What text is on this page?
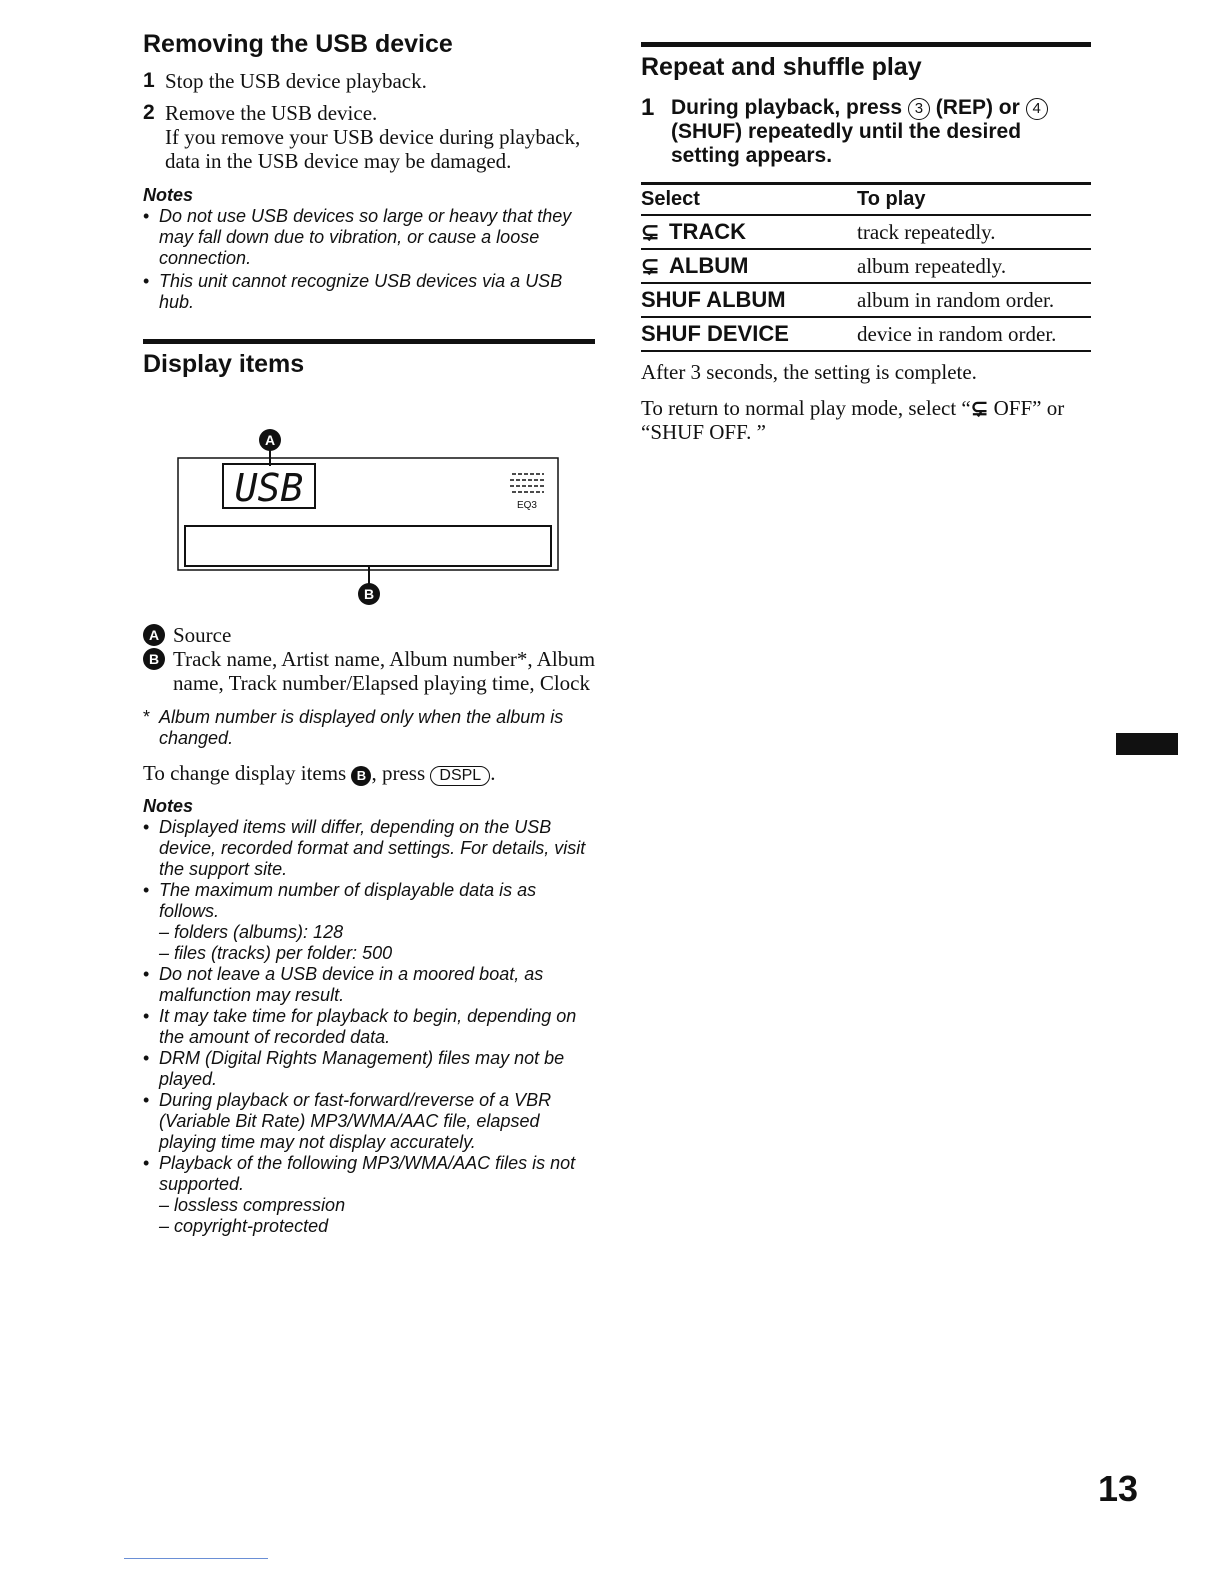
Removing the USB device
1 Stop the USB device playback.
2 Remove the USB device.
If you remove your USB device during playback, data in the USB device may be damaged.

Notes

• Do not use USB devices so large or heavy that they may fall down due to vibration, or cause a loose connection.
• This unit cannot recognize USB devices via a USB hub.
Display items
A
USB	EQ3
B
A Source
B Track name, Artist name, Album number*, Album name, Track number/Elapsed playing time, Clock
* Album number is displayed only when the album is changed.

To change display items B , press DSPL .

Notes

• Displayed items will differ, depending on the USB device, recorded format and settings. For details, visit the support site.
• The maximum number of displayable data is as follows.
– folders (albums): 128
– files (tracks) per folder: 500
• Do not leave a USB device in a moored boat, as malfunction may result.
• It may take time for playback to begin, depending on the amount of recorded data.
• DRM (Digital Rights Management) files may not be played.
• During playback or fast-forward/reverse of a VBR (Variable Bit Rate) MP3/WMA/AAC file, elapsed playing time may not display accurately.
• Playback of the following MP3/WMA/AAC files is not supported.
– lossless compression
– copyright-protected
Repeat and shuffle play
1 During playback, press 3 (REP) or 4 (SHUF) repeatedly until the desired setting appears.
Select	To play
⊊ TRACK	track repeatedly.
⊊ ALBUM	album repeatedly.
SHUF ALBUM	album in random order.
SHUF DEVICE	device in random order.

After 3 seconds, the setting is complete.

To return to normal play mode, select “⊊ OFF” or “SHUF OFF. ”

13
